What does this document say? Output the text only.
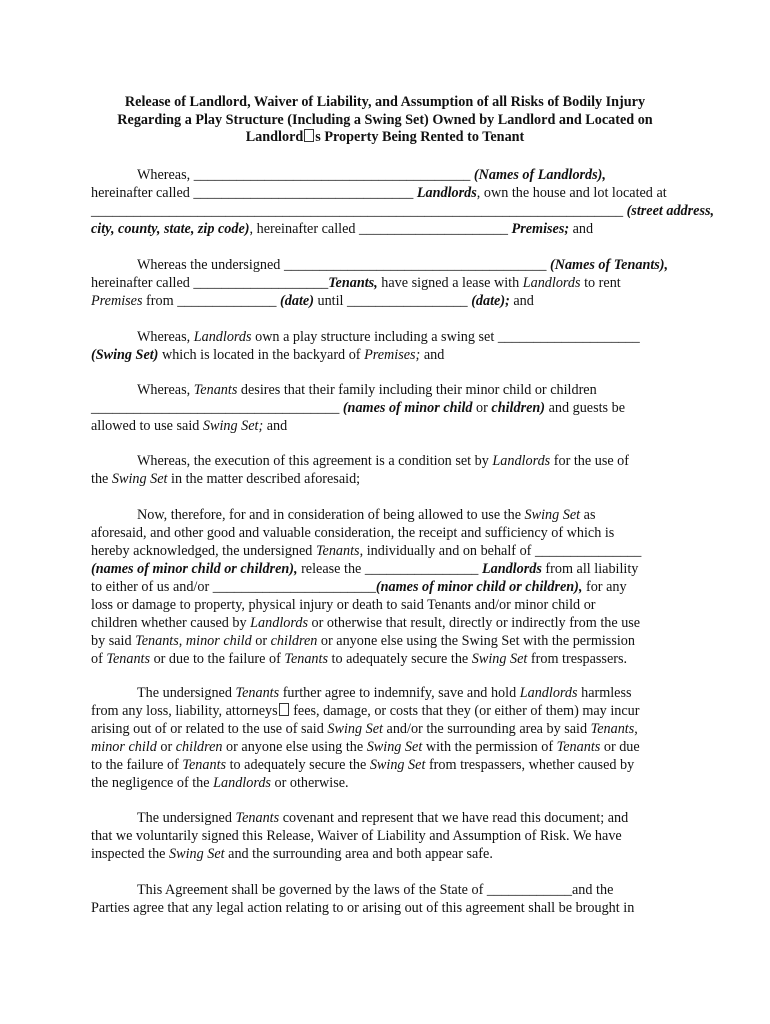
Release of Landlord, Waiver of Liability, and Assumption of all Risks of Bodily Injury
Regarding a Play Structure (Including a Swing Set) Owned by Landlord and Located on
Landlord s Property Being Rented to Tenant
Whereas, _______________________________________ (Names of Landlords),
hereinafter called _______________________________ Landlords, own the house and lot located at
___________________________________________________________________________ (street address,
city, county, state, zip code), hereinafter called _____________________ Premises; and
Whereas the undersigned _____________________________________ (Names of Tenants),
hereinafter called ___________________Tenants, have signed a lease with Landlords to rent
Premises from ______________ (date) until _________________ (date); and
Whereas, Landlords own a play structure including a swing set ____________________
(Swing Set) which is located in the backyard of Premises; and
Whereas, Tenants desires that their family including their minor child or children
___________________________________ (names of minor child or children) and guests be
allowed to use said Swing Set; and
Whereas, the execution of this agreement is a condition set by Landlords for the use of
the Swing Set in the matter described aforesaid;
Now, therefore, for and in consideration of being allowed to use the Swing Set as
aforesaid, and other good and valuable consideration, the receipt and sufficiency of which is
hereby acknowledged, the undersigned Tenants, individually and on behalf of _______________
(names of minor child or children), release the ________________ Landlords from all liability
to either of us and/or _______________________(names of minor child or children), for any
loss or damage to property, physical injury or death to said Tenants and/or minor child or
children whether caused by Landlords or otherwise that result, directly or indirectly from the use
by said Tenants, minor child or children or anyone else using the Swing Set with the permission
of Tenants or due to the failure of Tenants to adequately secure the Swing Set from trespassers.
The undersigned Tenants further agree to indemnify, save and hold Landlords harmless
from any loss, liability, attorneys fees, damage, or costs that they (or either of them) may incur
arising out of or related to the use of said Swing Set and/or the surrounding area by said Tenants,
minor child or children or anyone else using the Swing Set with the permission of Tenants or due
to the failure of Tenants to adequately secure the Swing Set from trespassers, whether caused by
the negligence of the Landlords or otherwise.
The undersigned Tenants covenant and represent that we have read this document; and
that we voluntarily signed this Release, Waiver of Liability and Assumption of Risk. We have
inspected the Swing Set and the surrounding area and both appear safe.
This Agreement shall be governed by the laws of the State of ____________and the
Parties agree that any legal action relating to or arising out of this agreement shall be brought in
